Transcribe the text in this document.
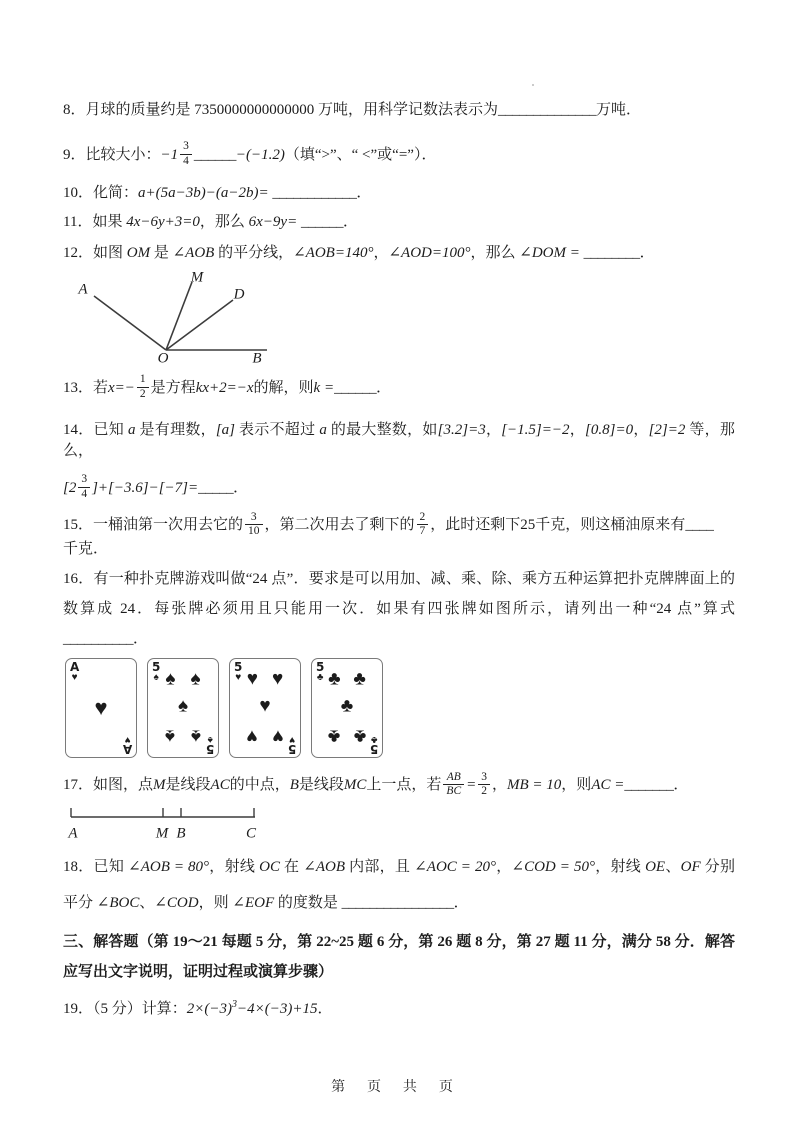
8．月球的质量约是 7350000000000000 万吨，用科学记数法表示为______________万吨．

9．比较大小： $-1 \frac{3}{4}$ ______ −(−1.2) （填“>”、“ <”或“=”）．

10．化简：a+(5a−3b)−(a−2b)= ____________．

11．如果 4x−6y+3=0，那么 6x−9y= ______．

12．如图 OM 是 ∠AOB 的平分线，∠AOB=140°，∠AOD=100°，那么 ∠DOM = ________．

A
M
D
O	B

13．若 $x=- \frac{1}{2}$ 是方程 kx+2=−x 的解，则 k = ______ ．

14．已知 a 是有理数，[a] 表示不超过 a 的最大整数，如[3.2]=3，[−1.5]=−2，[0.8]=0，[2]=2 等，那么，

$[2 \frac{3}{4} ]+[-3.6]-[-7]=$ _____ ．

15．一桶油第一次用去它的 $\frac{3}{10}$ ，第二次用去了剩下的 $\frac{2}{7}$ ，此时还剩下 25 千克，则这桶油原来有 ____
千克．

16．有一种扑克牌游戏叫做“24 点”．要求是可以用加、减、乘、除、乘方五种运算把扑克牌牌面上的数算成 24．每张牌必须用且只能用一次．如果有四张牌如图所示，请列出一种“24 点”算式 __________．

A
♥
A
♥
♥
5
♠
5
♠
♠ ♠
♠
♠ ♠
5
♥
5
♥
♥ ♥
♥
♥ ♥
5
♣
5
♣
♣ ♣
♣
♣ ♣

17．如图，点 M 是线段 AC 的中点， B 是线段 MC 上一点，若 $\frac{AB}{BC} = \frac{3}{2}$ ， MB = 10 ，则 AC = _______ ．

A	M B	C

18．已知 ∠AOB = 80°，射线 OC 在 ∠AOB 内部，且 ∠AOC = 20°，∠COD = 50°，射线 OE、OF 分别平分 ∠BOC、∠COD，则 ∠EOF 的度数是 ________________．

三、解答题（第 19～21 每题 5 分，第 22~25 题 6 分，第 26 题 8 分，第 27 题 11 分，满分 58 分．解答应写出文字说明，证明过程或演算步骤）

19．（5 分）计算：$2\times(-3)^3-4\times(-3)+15$．

第 页 共 页
